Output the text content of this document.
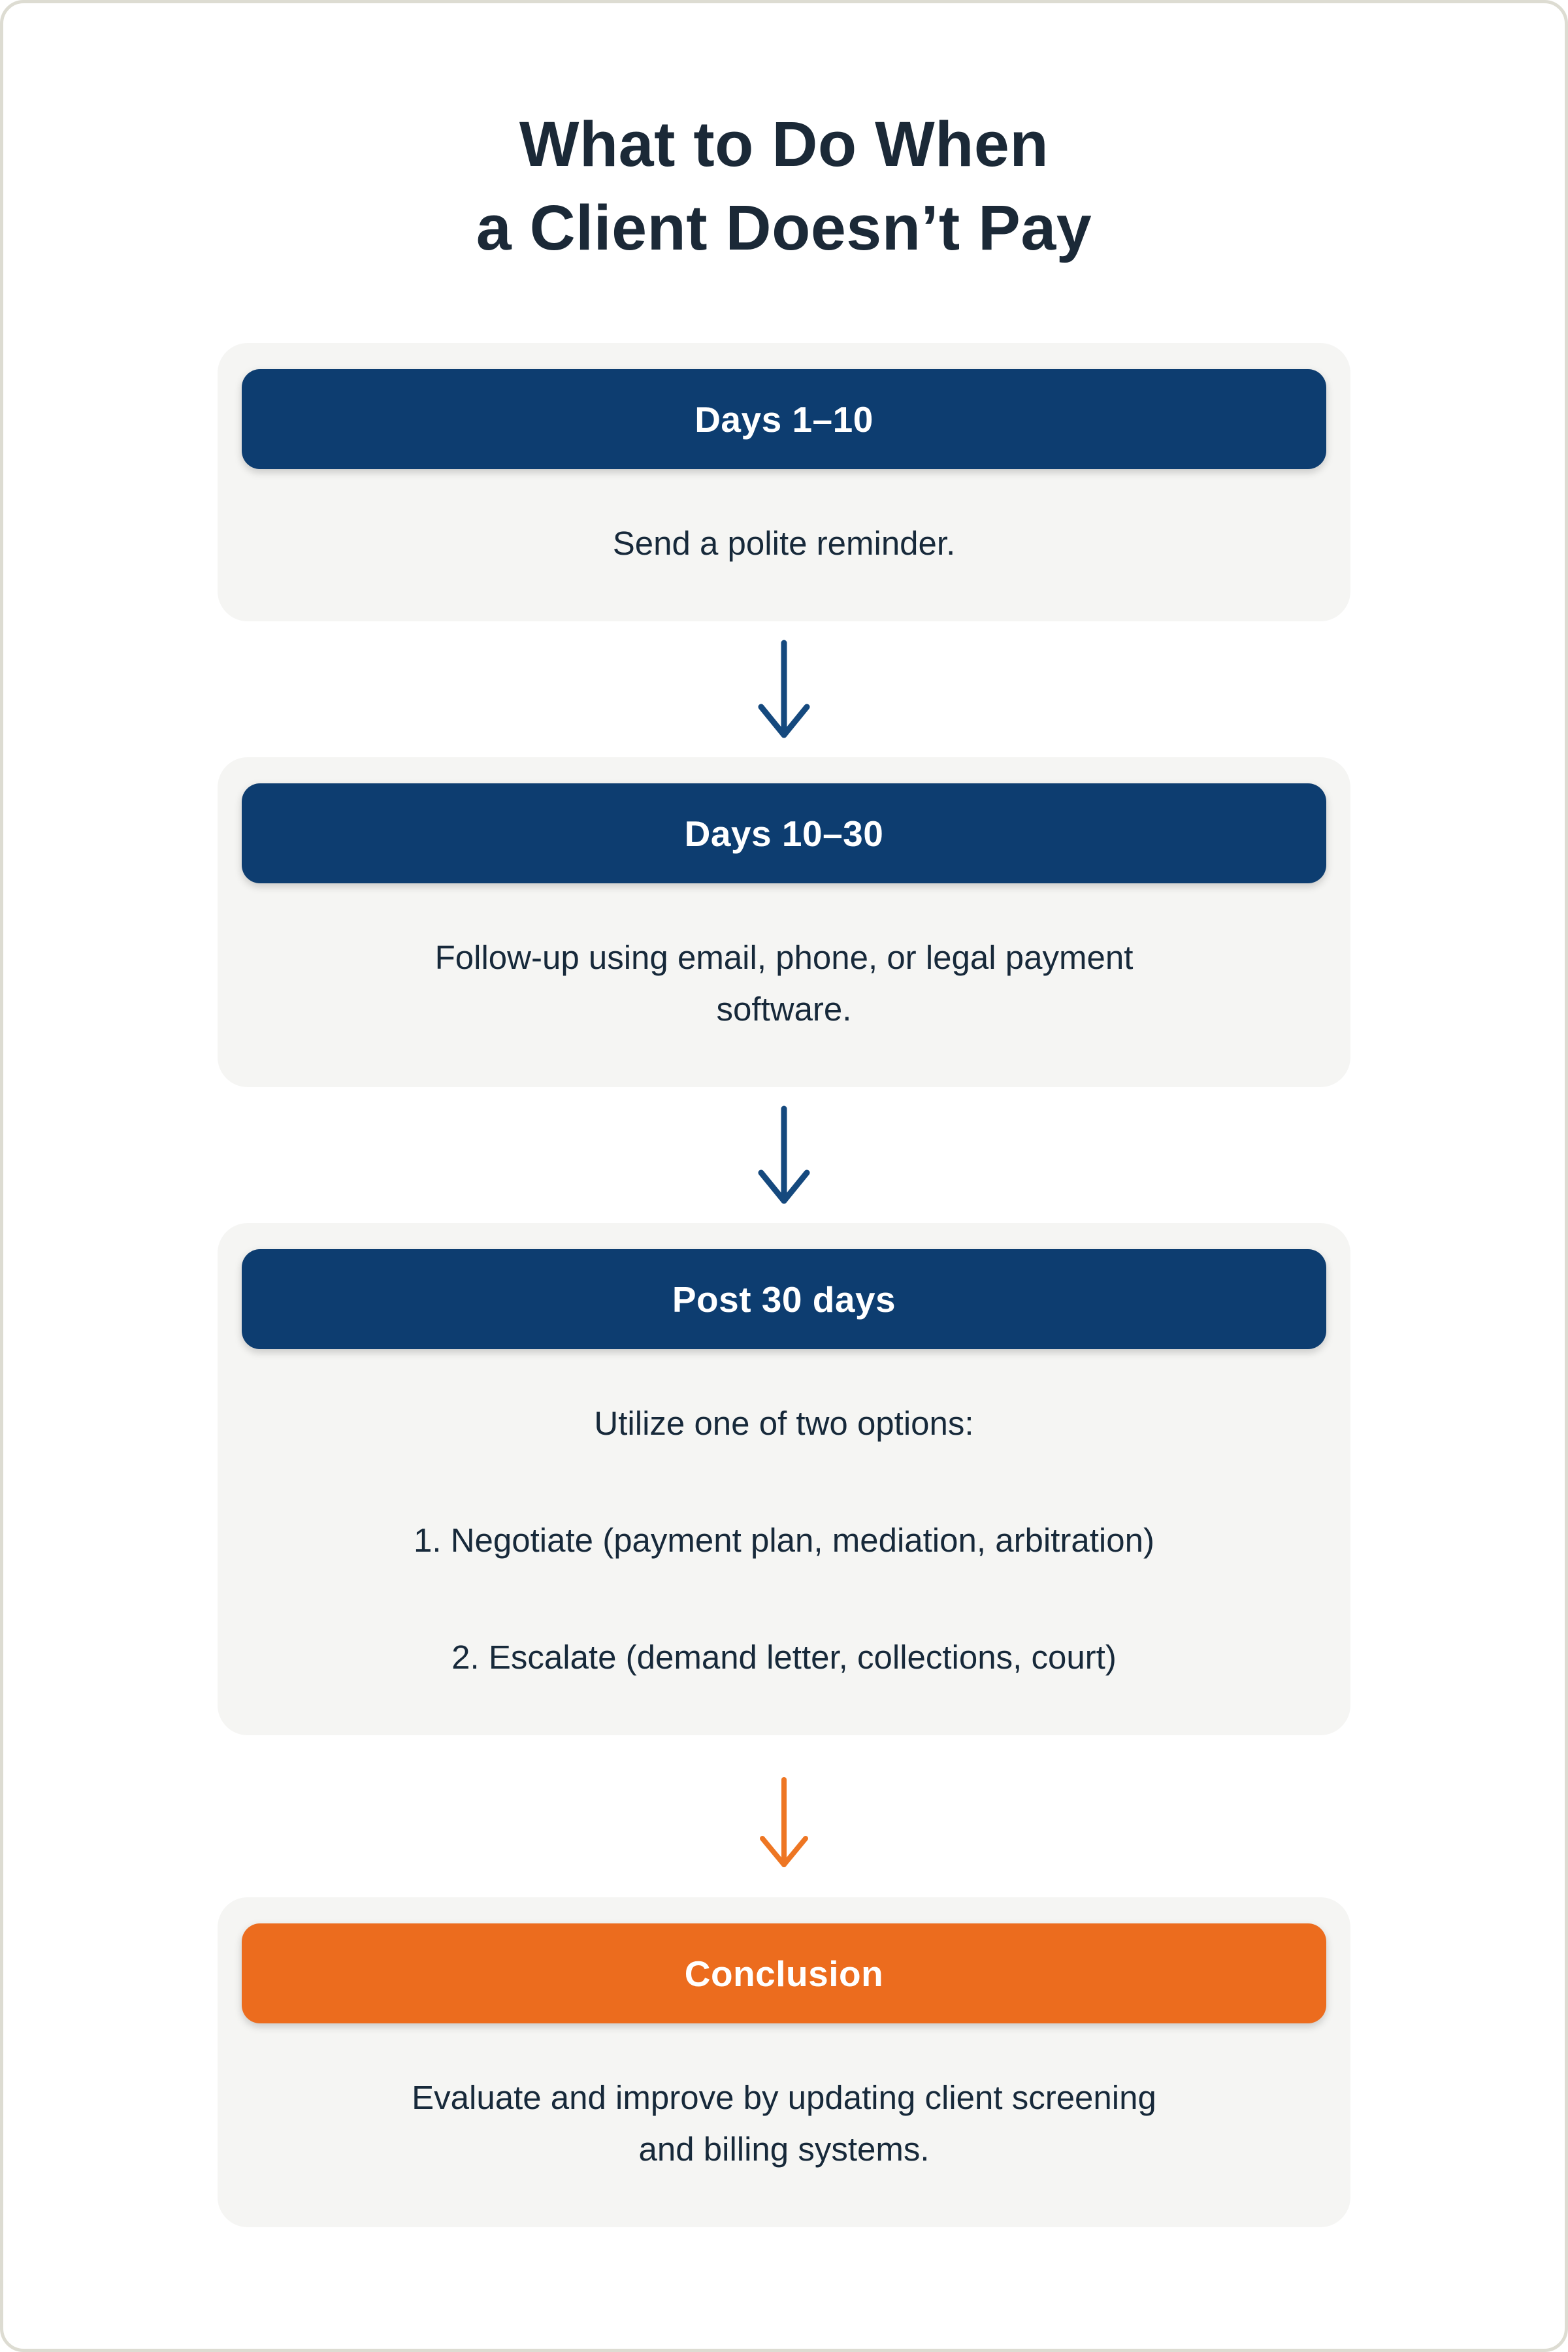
What to Do When
a Client Doesn’t Pay
Days 1–10

Send a polite reminder.

Days 10–30

Follow-up using email, phone, or legal payment software.

Post 30 days

Utilize one of two options:

1. Negotiate (payment plan, mediation, arbitration)

2. Escalate (demand letter, collections, court)

Conclusion

Evaluate and improve by updating client screening and billing systems.
